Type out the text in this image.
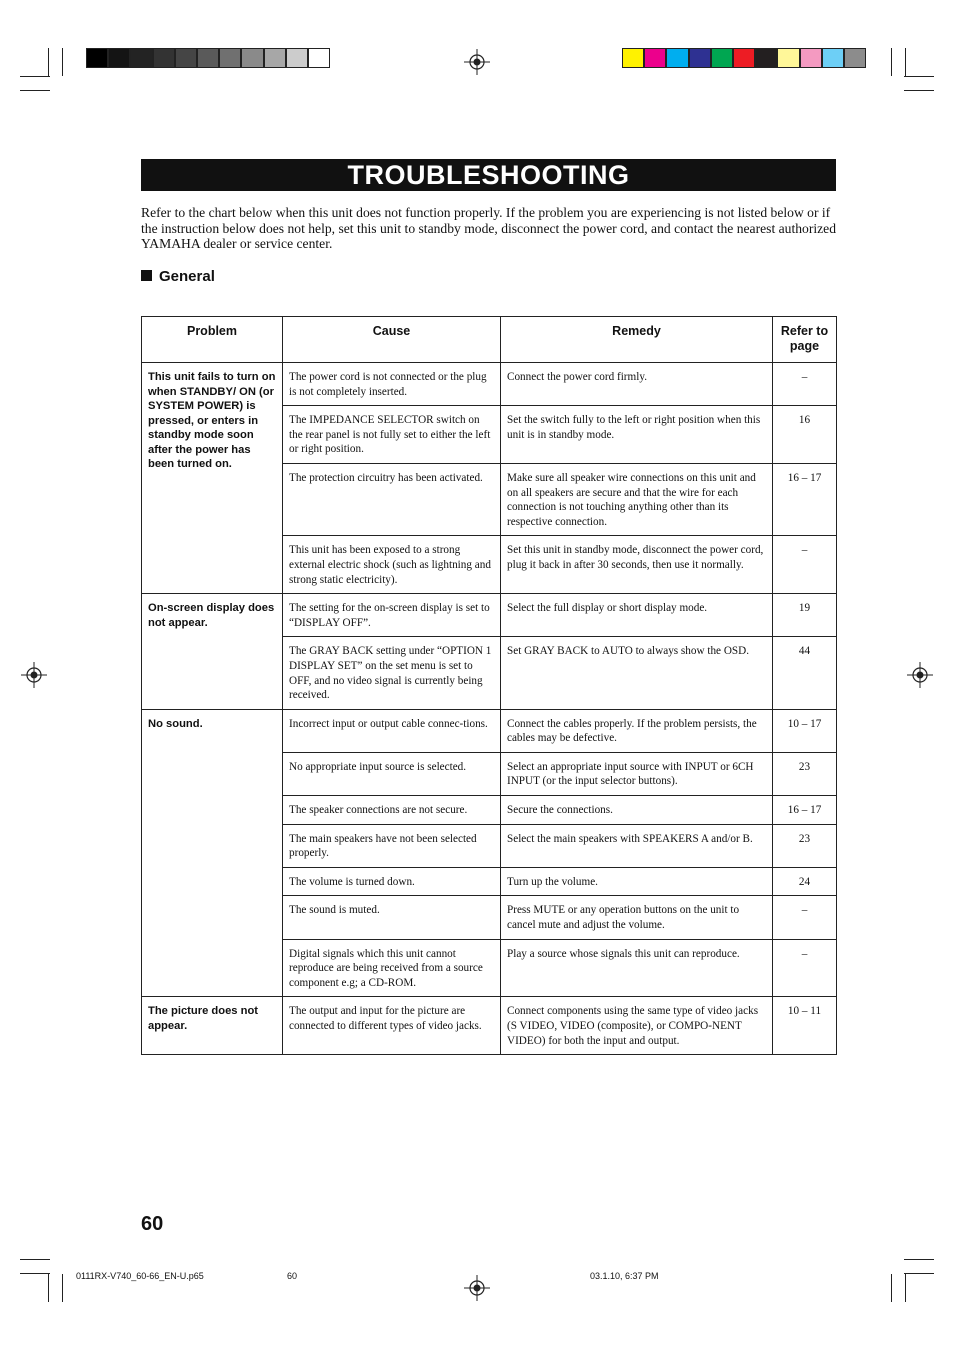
TROUBLESHOOTING
Refer to the chart below when this unit does not function properly. If the problem you are experiencing is not listed below or if the instruction below does not help, set this unit to standby mode, disconnect the power cord, and contact the nearest authorized YAMAHA dealer or service center.
General
Problem	Cause	Remedy	Refer to page
This unit fails to turn on when STANDBY/ ON (or SYSTEM POWER) is pressed, or enters in standby mode soon after the power has been turned on.	The power cord is not connected or the plug is not completely inserted.	Connect the power cord firmly.	–
	The IMPEDANCE SELECTOR switch on the rear panel is not fully set to either the left or right position.	Set the switch fully to the left or right position when this unit is in standby mode.	16
	The protection circuitry has been activated.	Make sure all speaker wire connections on this unit and on all speakers are secure and that the wire for each connection is not touching anything other than its respective connection.	16 – 17
	This unit has been exposed to a strong external electric shock (such as lightning and strong static electricity).	Set this unit in standby mode, disconnect the power cord, plug it back in after 30 seconds, then use it normally.	–
On-screen display does not appear.	The setting for the on-screen display is set to “DISPLAY OFF”.	Select the full display or short display mode.	19
	The GRAY BACK setting under “OPTION 1 DISPLAY SET” on the set menu is set to OFF, and no video signal is currently being received.	Set GRAY BACK to AUTO to always show the OSD.	44
No sound.	Incorrect input or output cable connec-tions.	Connect the cables properly. If the problem persists, the cables may be defective.	10 – 17
	No appropriate input source is selected.	Select an appropriate input source with INPUT or 6CH INPUT (or the input selector buttons).	23
	The speaker connections are not secure.	Secure the connections.	16 – 17
	The main speakers have not been selected properly.	Select the main speakers with SPEAKERS A and/or B.	23
	The volume is turned down.	Turn up the volume.	24
	The sound is muted.	Press MUTE or any operation buttons on the unit to cancel mute and adjust the volume.	–
	Digital signals which this unit cannot reproduce are being received from a source component e.g; a CD-ROM.	Play a source whose signals this unit can reproduce.	–
The picture does not appear.	The output and input for the picture are connected to different types of video jacks.	Connect components using the same type of video jacks (S VIDEO, VIDEO (composite), or COMPO-NENT VIDEO) for both the input and output.	10 – 11
60
0111RX-V740_60-66_EN-U.p65	60	03.1.10, 6:37 PM
